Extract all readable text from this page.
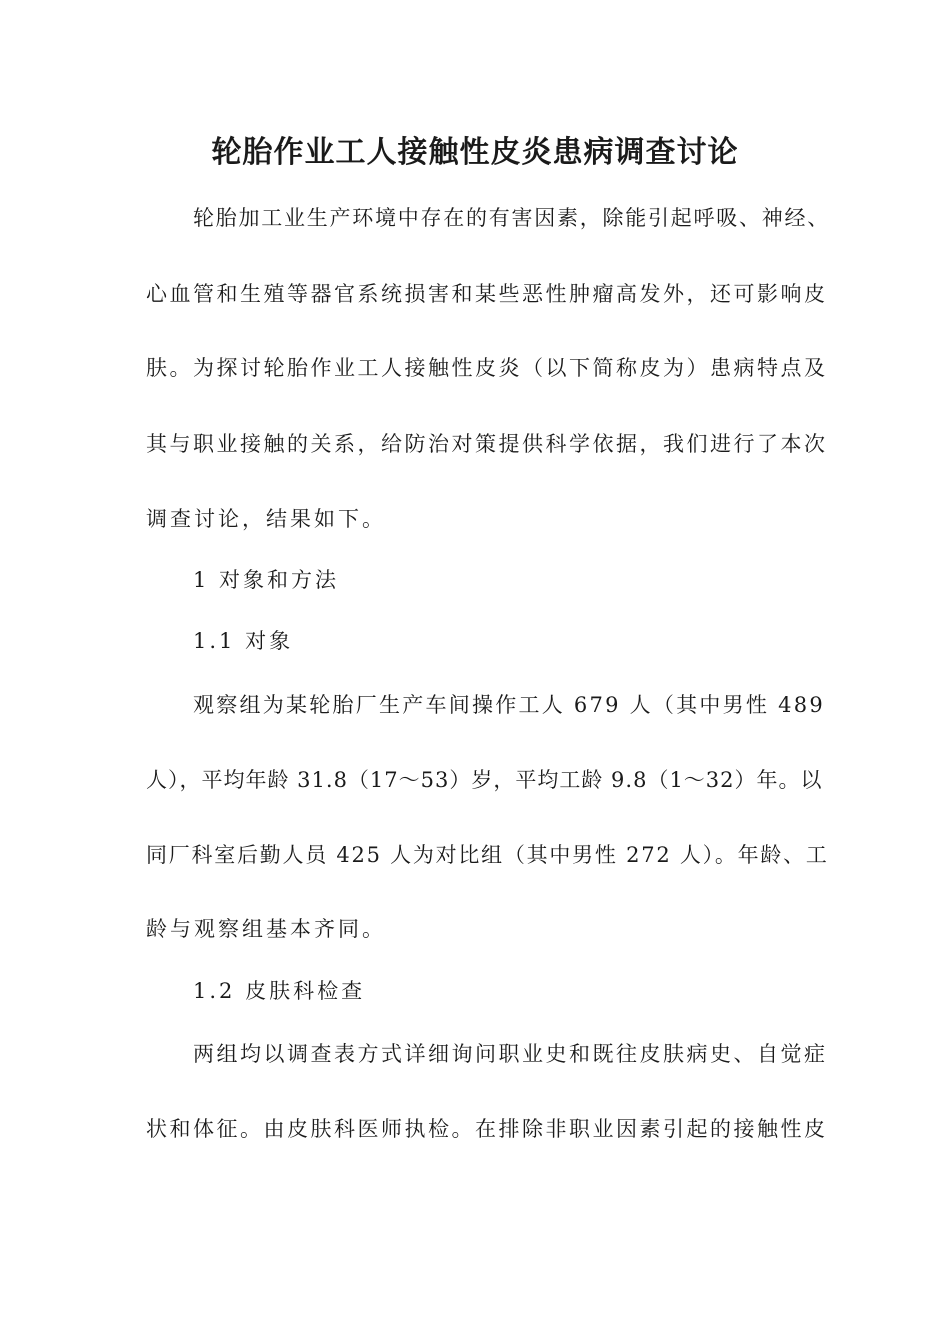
轮胎作业工人接触性皮炎患病调查讨论

轮胎加工业生产环境中存在的有害因素，除能引起呼吸、神经、

心血管和生殖等器官系统损害和某些恶性肿瘤高发外，还可影响皮

肤。为探讨轮胎作业工人接触性皮炎（以下简称皮为）患病特点及

其与职业接触的关系，给防治对策提供科学依据，我们进行了本次

调查讨论，结果如下。

1 对象和方法

1.1 对象

观察组为某轮胎厂生产车间操作工人 679 人（其中男性 489

人），平均年龄 31.8（17～53）岁，平均工龄 9.8（1～32）年。以

同厂科室后勤人员 425 人为对比组（其中男性 272 人）。年龄、工

龄与观察组基本齐同。

1.2 皮肤科检查

两组均以调查表方式详细询问职业史和既往皮肤病史、自觉症

状和体征。由皮肤科医师执检。在排除非职业因素引起的接触性皮
